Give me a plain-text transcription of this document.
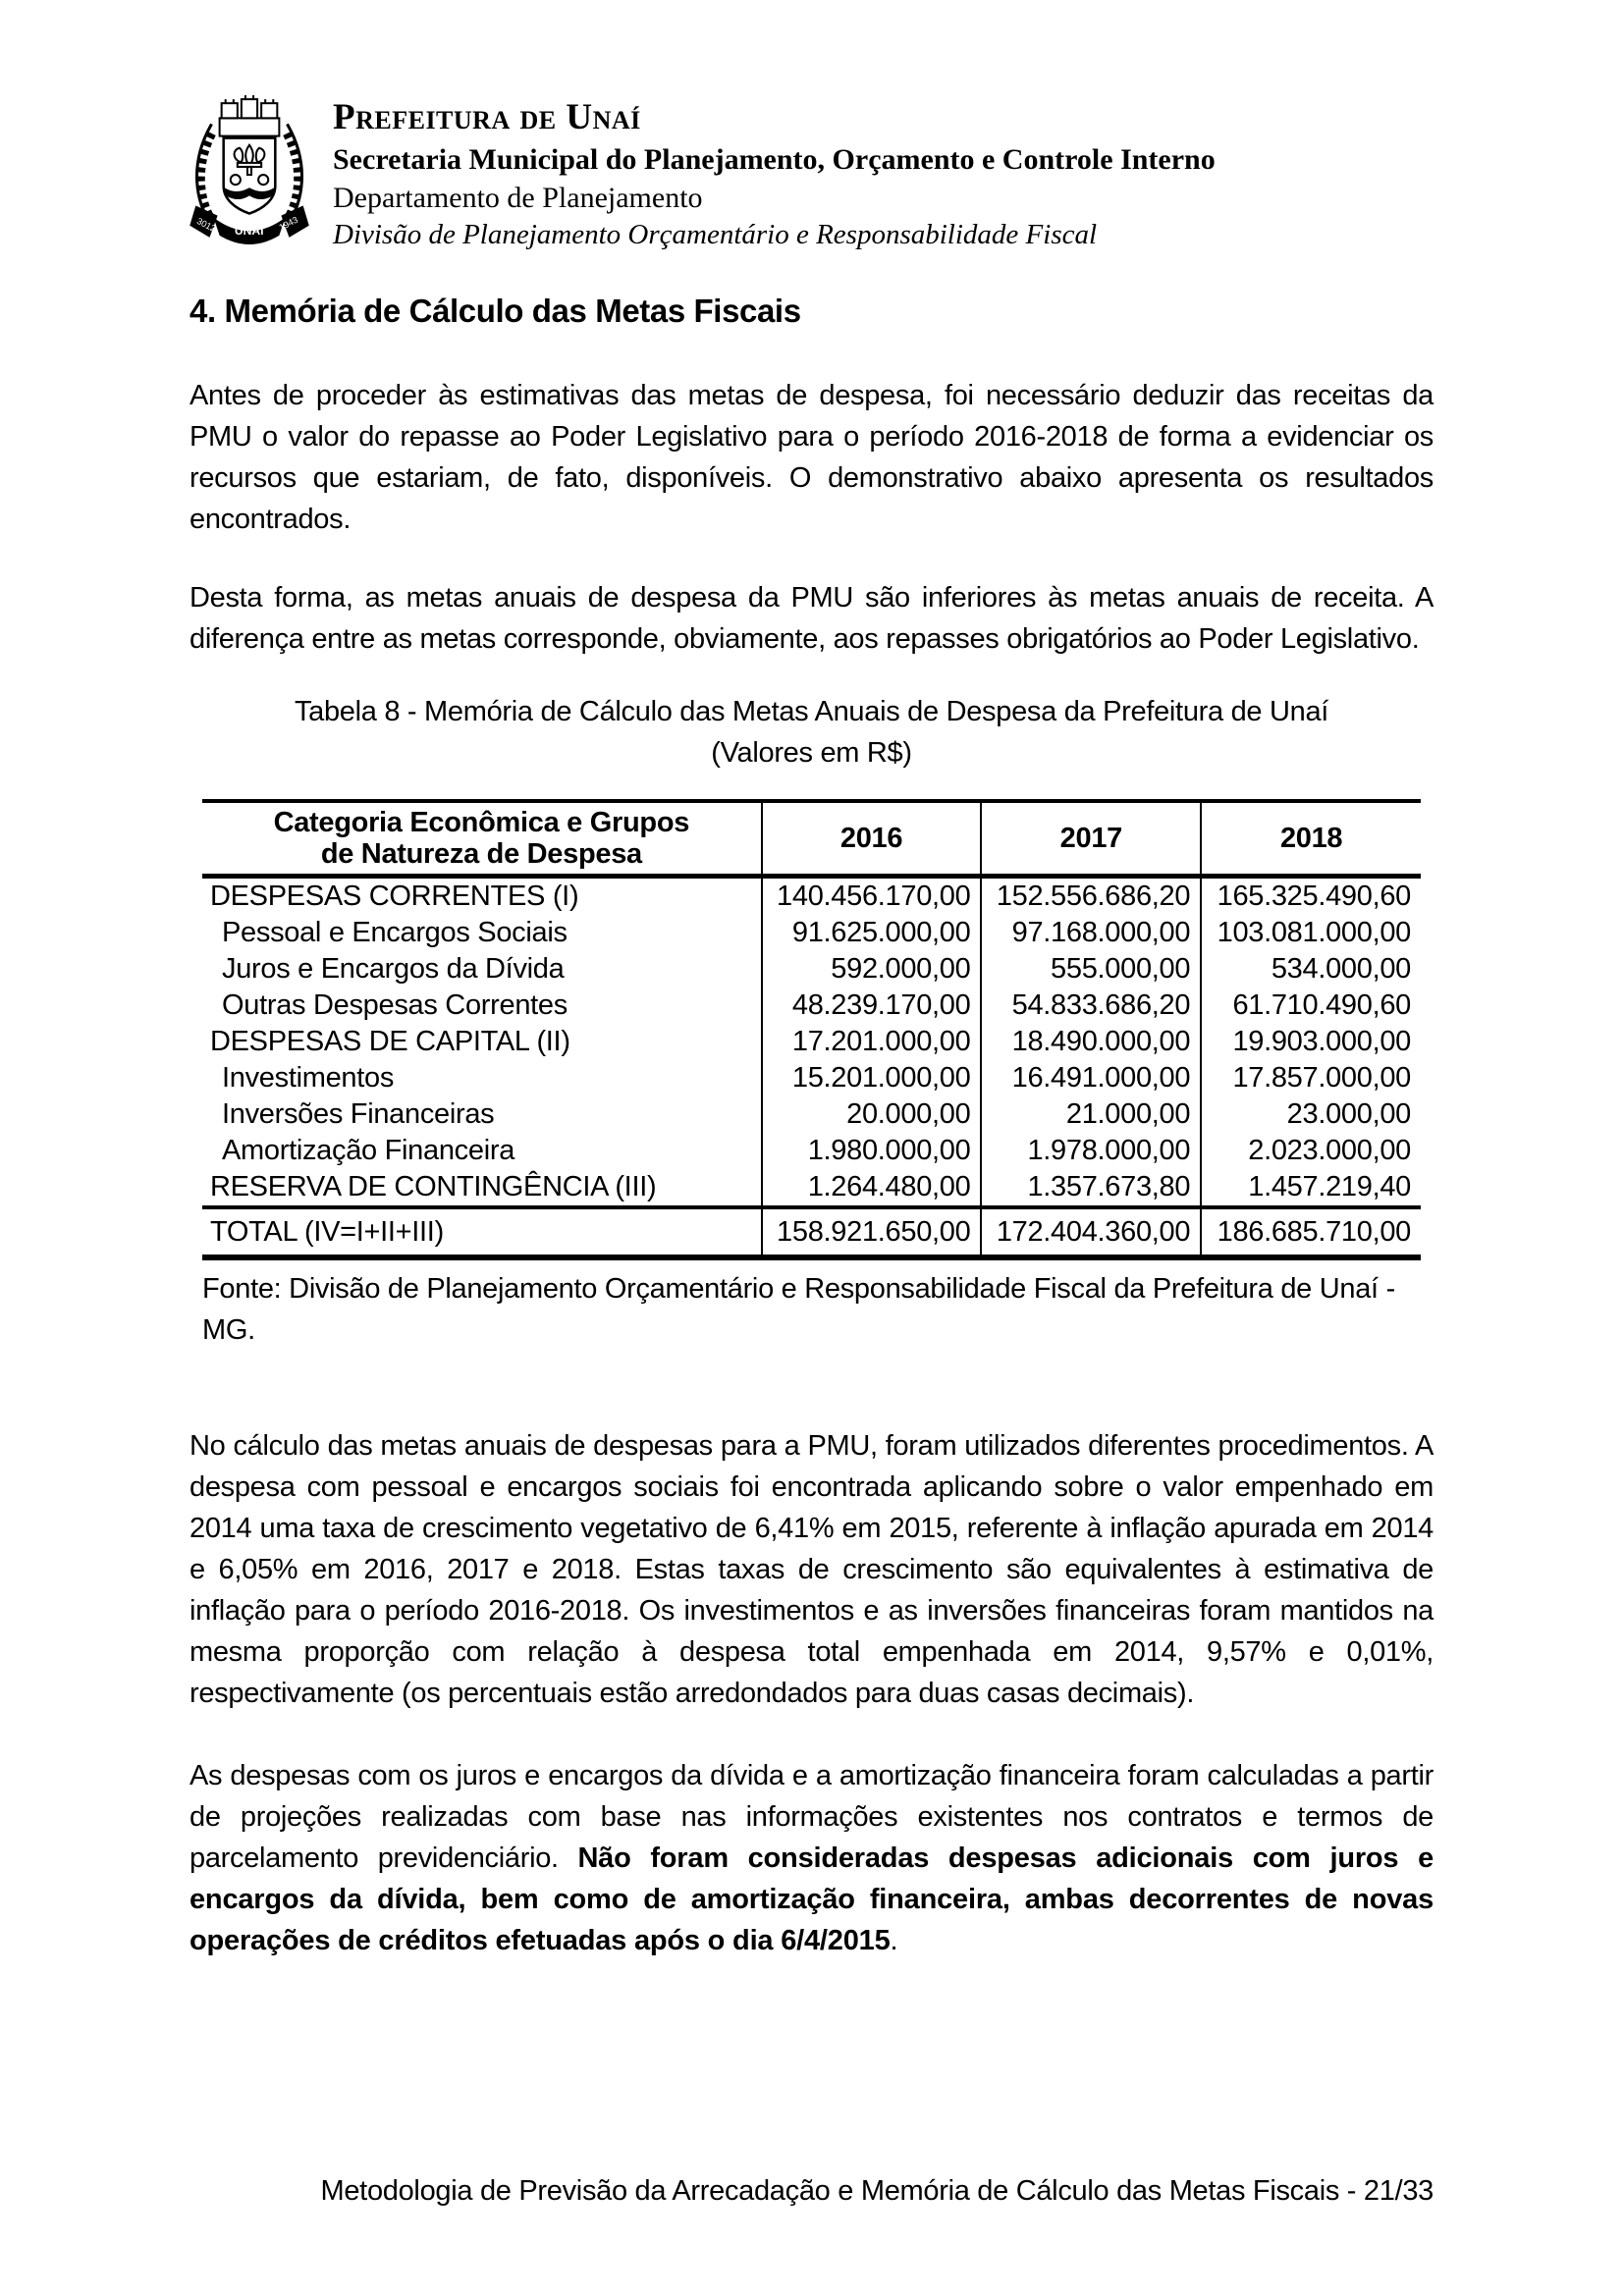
3012 UNAÍ 1943
Prefeitura de Unaí
Secretaria Municipal do Planejamento, Orçamento e Controle Interno
Departamento de Planejamento
Divisão de Planejamento Orçamentário e Responsabilidade Fiscal
4. Memória de Cálculo das Metas Fiscais

Antes de proceder às estimativas das metas de despesa, foi necessário deduzir das receitas da PMU o valor do repasse ao Poder Legislativo para o período 2016-2018 de forma a evidenciar os recursos que estariam, de fato, disponíveis. O demonstrativo abaixo apresenta os resultados encontrados.

Desta forma, as metas anuais de despesa da PMU são inferiores às metas anuais de receita. A diferença entre as metas corresponde, obviamente, aos repasses obrigatórios ao Poder Legislativo.

Tabela 8 - Memória de Cálculo das Metas Anuais de Despesa da Prefeitura de Unaí
(Valores em R$)
Categoria Econômica e Grupos
de Natureza de Despesa	2016	2017	2018
DESPESAS CORRENTES (I)	140.456.170,00	152.556.686,20	165.325.490,60
Pessoal e Encargos Sociais	91.625.000,00	97.168.000,00	103.081.000,00
Juros e Encargos da Dívida	592.000,00	555.000,00	534.000,00
Outras Despesas Correntes	48.239.170,00	54.833.686,20	61.710.490,60
DESPESAS DE CAPITAL (II)	17.201.000,00	18.490.000,00	19.903.000,00
Investimentos	15.201.000,00	16.491.000,00	17.857.000,00
Inversões Financeiras	20.000,00	21.000,00	23.000,00
Amortização Financeira	1.980.000,00	1.978.000,00	2.023.000,00
RESERVA DE CONTINGÊNCIA (III)	1.264.480,00	1.357.673,80	1.457.219,40
TOTAL (IV=I+II+III)	158.921.650,00	172.404.360,00	186.685.710,00
Fonte: Divisão de Planejamento Orçamentário e Responsabilidade Fiscal da Prefeitura de Unaí -
MG.

No cálculo das metas anuais de despesas para a PMU, foram utilizados diferentes procedimentos. A despesa com pessoal e encargos sociais foi encontrada aplicando sobre o valor empenhado em 2014 uma taxa de crescimento vegetativo de 6,41% em 2015, referente à inflação apurada em 2014 e 6,05% em 2016, 2017 e 2018. Estas taxas de crescimento são equivalentes à estimativa de inflação para o período 2016-2018. Os investimentos e as inversões financeiras foram mantidos na mesma proporção com relação à despesa total empenhada em 2014, 9,57% e 0,01%, respectivamente (os percentuais estão arredondados para duas casas decimais).

As despesas com os juros e encargos da dívida e a amortização financeira foram calculadas a partir de projeções realizadas com base nas informações existentes nos contratos e termos de parcelamento previdenciário. Não foram consideradas despesas adicionais com juros e encargos da dívida, bem como de amortização financeira, ambas decorrentes de novas operações de créditos efetuadas após o dia 6/4/2015.

Metodologia de Previsão da Arrecadação e Memória de Cálculo das Metas Fiscais - 21/33
